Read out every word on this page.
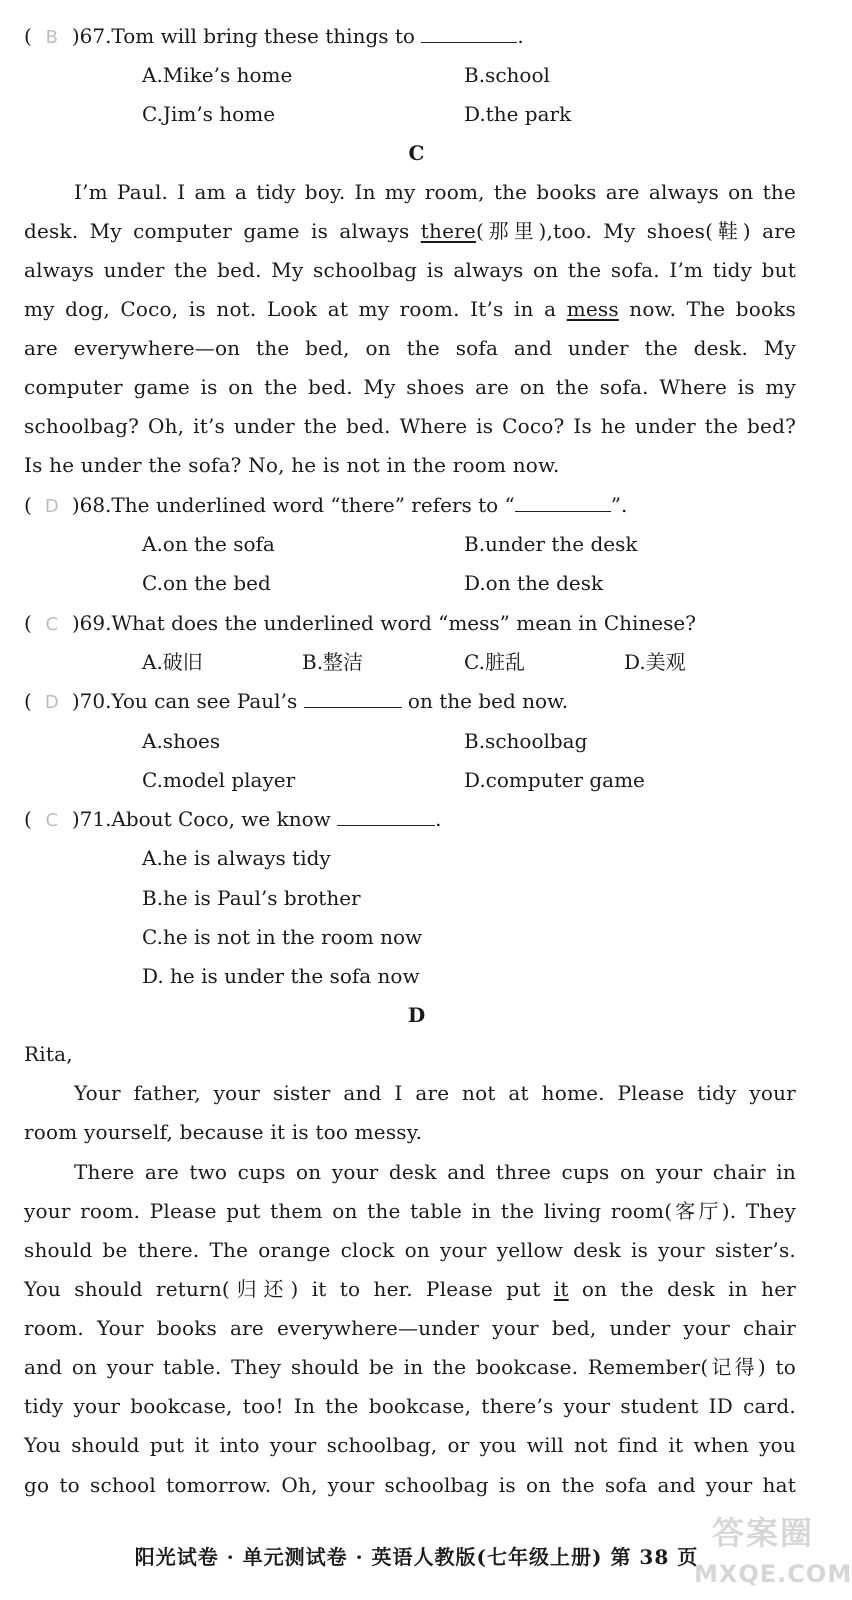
( B )67.Tom will bring these things to	.
A.Mike’s home	B.school
C.Jim’s home	D.the park
C
I’m Paul. I am a tidy boy. In my room, the books are always on the
desk. My computer game is always there(那里),too. My shoes(鞋) are
always under the bed. My schoolbag is always on the sofa. I’m tidy but
my dog, Coco, is not. Look at my room. It’s in a mess now. The books
are everywhere—on the bed, on the sofa and under the desk. My
computer game is on the bed. My shoes are on the sofa. Where is my
schoolbag? Oh, it’s under the bed. Where is Coco? Is he under the bed?
Is he under the sofa? No, he is not in the room now.
( D )68.The underlined word “there” refers to “	”.
A.on the sofa	B.under the desk
C.on the bed	D.on the desk
( C )69.What does the underlined word “mess” mean in Chinese?
A.破旧	B.整洁	C.脏乱	D.美观
( D )70.You can see Paul’s	on the bed now.
A.shoes	B.schoolbag
C.model player	D.computer game
( C )71.About Coco, we know	.
A.he is always tidy
B.he is Paul’s brother
C.he is not in the room now
D. he is under the sofa now
D
Rita,
Your father, your sister and I are not at home. Please tidy your
room yourself, because it is too messy.
There are two cups on your desk and three cups on your chair in
your room. Please put them on the table in the living room(客厅). They
should be there. The orange clock on your yellow desk is your sister’s.
You should return(归还) it to her. Please put it on the desk in her
room. Your books are everywhere—under your bed, under your chair
and on your table. They should be in the bookcase. Remember(记得) to
tidy your bookcase, too! In the bookcase, there’s your student ID card.
You should put it into your schoolbag, or you will not find it when you
go to school tomorrow. Oh, your schoolbag is on the sofa and your hat
阳光试卷 · 单元测试卷 · 英语人教版(七年级上册) 第 38 页
答案圈
MXQE.COM
